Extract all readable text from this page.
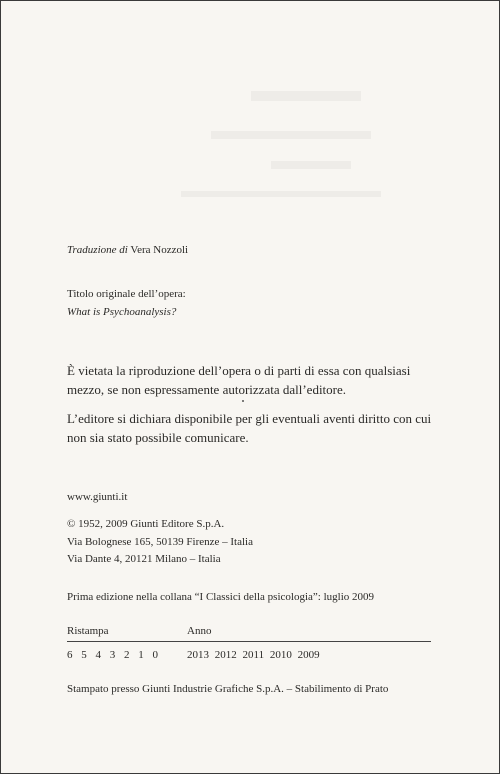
Traduzione di Vera Nozzoli
Titolo originale dell’opera:
What is Psychoanalysis?
È vietata la riproduzione dell’opera o di parti di essa con qualsiasi mezzo, se non espressamente autorizzata dall’editore.
L’editore si dichiara disponibile per gli eventuali aventi diritto con cui non sia stato possibile comunicare.
www.giunti.it
© 1952, 2009 Giunti Editore S.p.A.
Via Bolognese 165, 50139 Firenze – Italia
Via Dante 4, 20121 Milano – Italia
Prima edizione nella collana “I Classici della psicologia”: luglio 2009
Ristampa	Anno
6 5 4 3 2 1 0	2013 2012 2011 2010 2009
Stampato presso Giunti Industrie Grafiche S.p.A. – Stabilimento di Prato
